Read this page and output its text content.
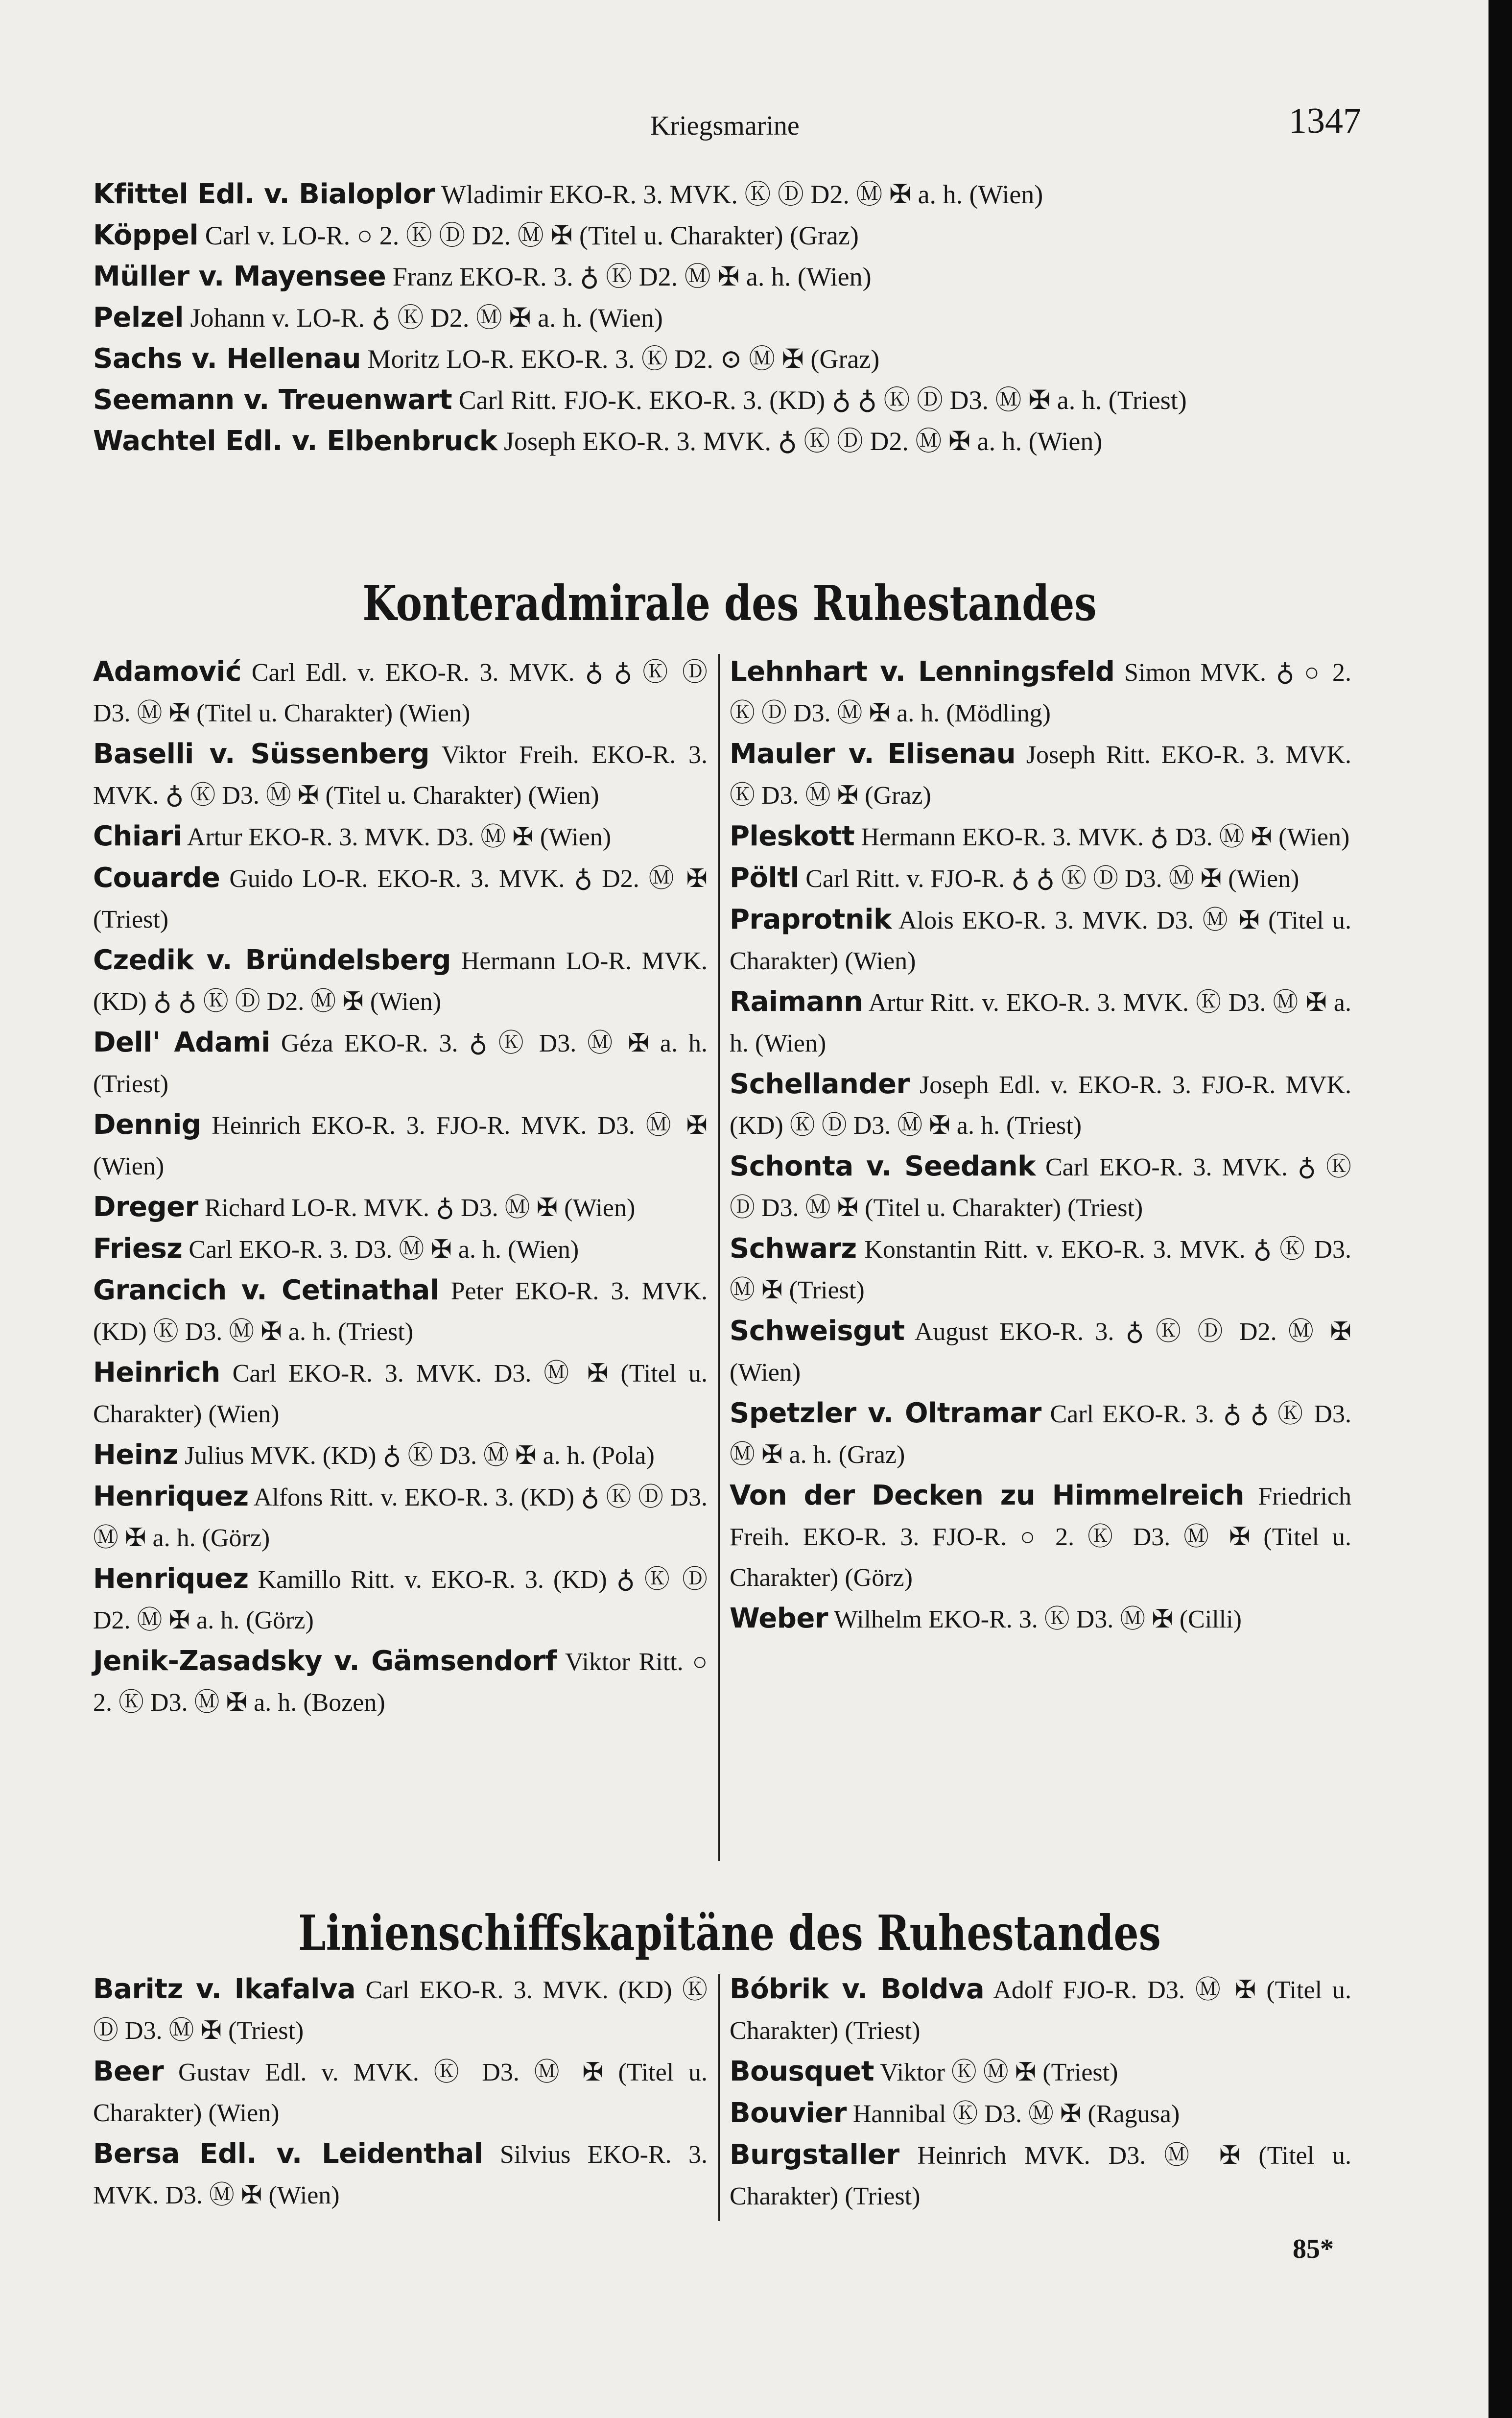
Kriegsmarine	1347

Kfittel Edl. v. Bialoplor Wladimir EKO-R. 3. MVK. Ⓚ Ⓓ D2. Ⓜ ✠ a. h. (Wien)

Köppel Carl v. LO-R. ○ 2. Ⓚ Ⓓ D2. Ⓜ ✠ (Titel u. Charakter) (Graz)

Müller v. Mayensee Franz EKO-R. 3. ♁ Ⓚ D2. Ⓜ ✠ a. h. (Wien)

Pelzel Johann v. LO-R. ♁ Ⓚ D2. Ⓜ ✠ a. h. (Wien)

Sachs v. Hellenau Moritz LO-R. EKO-R. 3. Ⓚ D2. ⊙ Ⓜ ✠ (Graz)

Seemann v. Treuenwart Carl Ritt. FJO-K. EKO-R. 3. (KD) ♁ ♁ Ⓚ Ⓓ D3. Ⓜ ✠ a. h. (Triest)

Wachtel Edl. v. Elbenbruck Joseph EKO-R. 3. MVK. ♁ Ⓚ Ⓓ D2. Ⓜ ✠ a. h. (Wien)

Konteradmirale des Ruhestandes

Adamović Carl Edl. v. EKO-R. 3. MVK. ♁ ♁ Ⓚ Ⓓ D3. Ⓜ ✠ (Titel u. Charakter) (Wien)

Baselli v. Süssenberg Viktor Freih. EKO-R. 3. MVK. ♁ Ⓚ D3. Ⓜ ✠ (Titel u. Charakter) (Wien)

Chiari Artur EKO-R. 3. MVK. D3. Ⓜ ✠ (Wien)

Couarde Guido LO-R. EKO-R. 3. MVK. ♁ D2. Ⓜ ✠ (Triest)

Czedik v. Bründelsberg Hermann LO-R. MVK. (KD) ♁ ♁ Ⓚ Ⓓ D2. Ⓜ ✠ (Wien)

Dell' Adami Géza EKO-R. 3. ♁ Ⓚ D3. Ⓜ ✠ a. h. (Triest)

Dennig Heinrich EKO-R. 3. FJO-R. MVK. D3. Ⓜ ✠ (Wien)

Dreger Richard LO-R. MVK. ♁ D3. Ⓜ ✠ (Wien)

Friesz Carl EKO-R. 3. D3. Ⓜ ✠ a. h. (Wien)

Grancich v. Cetinathal Peter EKO-R. 3. MVK. (KD) Ⓚ D3. Ⓜ ✠ a. h. (Triest)

Heinrich Carl EKO-R. 3. MVK. D3. Ⓜ ✠ (Titel u. Charakter) (Wien)

Heinz Julius MVK. (KD) ♁ Ⓚ D3. Ⓜ ✠ a. h. (Pola)

Henriquez Alfons Ritt. v. EKO-R. 3. (KD) ♁ Ⓚ Ⓓ D3. Ⓜ ✠ a. h. (Görz)

Henriquez Kamillo Ritt. v. EKO-R. 3. (KD) ♁ Ⓚ Ⓓ D2. Ⓜ ✠ a. h. (Görz)

Jenik-Zasadsky v. Gämsendorf Viktor Ritt. ○ 2. Ⓚ D3. Ⓜ ✠ a. h. (Bozen)

Lehnhart v. Lenningsfeld Simon MVK. ♁ ○ 2. Ⓚ Ⓓ D3. Ⓜ ✠ a. h. (Mödling)

Mauler v. Elisenau Joseph Ritt. EKO-R. 3. MVK. Ⓚ D3. Ⓜ ✠ (Graz)

Pleskott Hermann EKO-R. 3. MVK. ♁ D3. Ⓜ ✠ (Wien)

Pöltl Carl Ritt. v. FJO-R. ♁ ♁ Ⓚ Ⓓ D3. Ⓜ ✠ (Wien)

Praprotnik Alois EKO-R. 3. MVK. D3. Ⓜ ✠ (Titel u. Charakter) (Wien)

Raimann Artur Ritt. v. EKO-R. 3. MVK. Ⓚ D3. Ⓜ ✠ a. h. (Wien)

Schellander Joseph Edl. v. EKO-R. 3. FJO-R. MVK. (KD) Ⓚ Ⓓ D3. Ⓜ ✠ a. h. (Triest)

Schonta v. Seedank Carl EKO-R. 3. MVK. ♁ Ⓚ Ⓓ D3. Ⓜ ✠ (Titel u. Charakter) (Triest)

Schwarz Konstantin Ritt. v. EKO-R. 3. MVK. ♁ Ⓚ D3. Ⓜ ✠ (Triest)

Schweisgut August EKO-R. 3. ♁ Ⓚ Ⓓ D2. Ⓜ ✠ (Wien)

Spetzler v. Oltramar Carl EKO-R. 3. ♁ ♁ Ⓚ D3. Ⓜ ✠ a. h. (Graz)

Von der Decken zu Himmelreich Friedrich Freih. EKO-R. 3. FJO-R. ○ 2. Ⓚ D3. Ⓜ ✠ (Titel u. Charakter) (Görz)

Weber Wilhelm EKO-R. 3. Ⓚ D3. Ⓜ ✠ (Cilli)

Linienschiffskapitäne des Ruhestandes

Baritz v. Ikafalva Carl EKO-R. 3. MVK. (KD) Ⓚ Ⓓ D3. Ⓜ ✠ (Triest)

Beer Gustav Edl. v. MVK. Ⓚ D3. Ⓜ ✠ (Titel u. Charakter) (Wien)

Bersa Edl. v. Leidenthal Silvius EKO-R. 3. MVK. D3. Ⓜ ✠ (Wien)

Bóbrik v. Boldva Adolf FJO-R. D3. Ⓜ ✠ (Titel u. Charakter) (Triest)

Bousquet Viktor Ⓚ Ⓜ ✠ (Triest)

Bouvier Hannibal Ⓚ D3. Ⓜ ✠ (Ragusa)

Burgstaller Heinrich MVK. D3. Ⓜ ✠ (Titel u. Charakter) (Triest)

85*
